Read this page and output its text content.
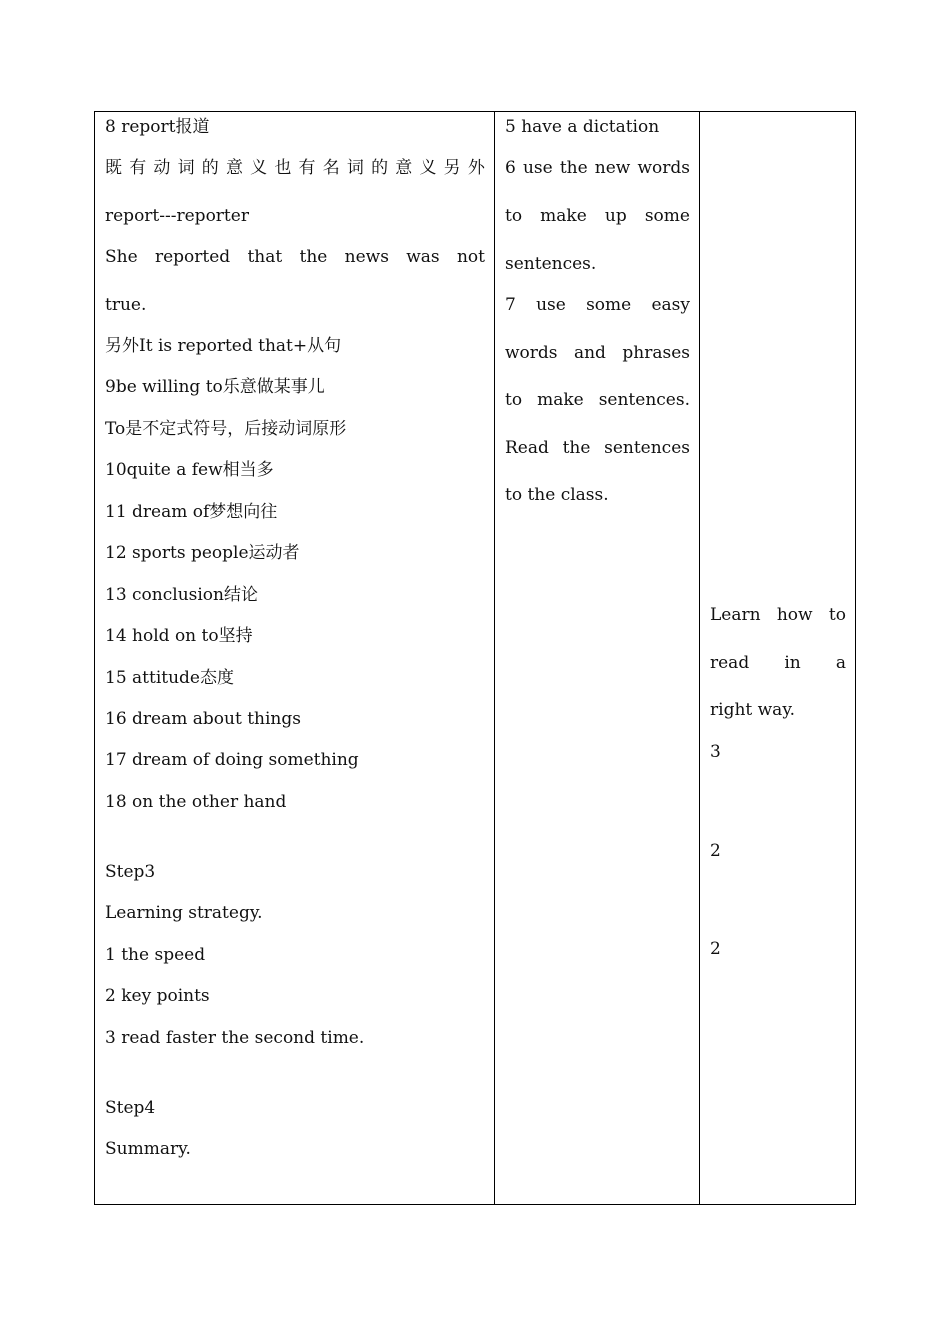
8 report报道
既 有 动 词 的 意 义 也 有 名 词 的 意 义 另 外
report---reporter
She reported that the news was not
true.
另外It is reported that+从句
9be willing to乐意做某事儿
To是不定式符号，后接动词原形
10quite a few相当多
11 dream of梦想向往
12 sports people运动者
13 conclusion结论
14 hold on to坚持
15 attitude态度
16 dream about things
17 dream of doing something
18 on the other hand
Step3
Learning strategy.
1 the speed
2 key points
3 read faster the second time.
Step4
Summary.
5 have a dictation
6 use the new words
to make up some
sentences.
7 use some easy
words and phrases
to make sentences.
Read the sentences
to the class.
Learn how to
read in a
right way.
3
2
2
